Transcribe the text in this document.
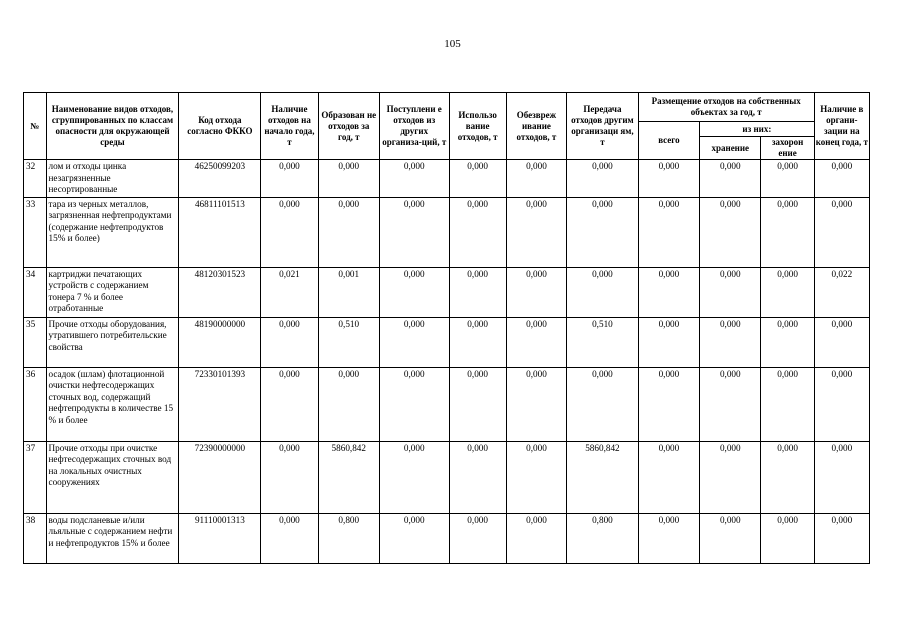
105
№	Наименование видов отходов, сгруппированных по классам опасности для окружающей среды	Код отхода согласно ФККО	Наличие отходов на начало года, т	Образован не отходов за год, т	Поступлени е отходов из других организа-ций, т	Использо вание отходов, т	Обезвреж ивание отходов, т	Передача отходов другим организаци ям, т	Размещение отходов на собственных объектах за год, т			Наличие в органи-зации на конец года, т
									всего	из них:		
										хранение	захорон ение	
32	лом и отходы цинка незагрязненные несортированные	46250099203	0,000	0,000	0,000	0,000	0,000	0,000	0,000	0,000	0,000	0,000
33	тара из черных металлов, загрязненная нефтепродуктами (содержание нефтепродуктов 15% и более)	46811101513	0,000	0,000	0,000	0,000	0,000	0,000	0,000	0,000	0,000	0,000
34	картриджи печатающих устройств с содержанием тонера 7 % и более отработанные	48120301523	0,021	0,001	0,000	0,000	0,000	0,000	0,000	0,000	0,000	0,022
35	Прочие отходы оборудования, утратившего потребительские свойства	48190000000	0,000	0,510	0,000	0,000	0,000	0,510	0,000	0,000	0,000	0,000
36	осадок (шлам) флотационной очистки нефтесодержащих сточных вод, содержащий нефтепродукты в количестве 15 % и более	72330101393	0,000	0,000	0,000	0,000	0,000	0,000	0,000	0,000	0,000	0,000
37	Прочие отходы при очистке нефтесодержащих сточных вод на локальных очистных сооружениях	72390000000	0,000	5860,842	0,000	0,000	0,000	5860,842	0,000	0,000	0,000	0,000
38	воды подсланевые и/или льяльные с содержанием нефти и нефтепродуктов 15% и более	91110001313	0,000	0,800	0,000	0,000	0,000	0,800	0,000	0,000	0,000	0,000
